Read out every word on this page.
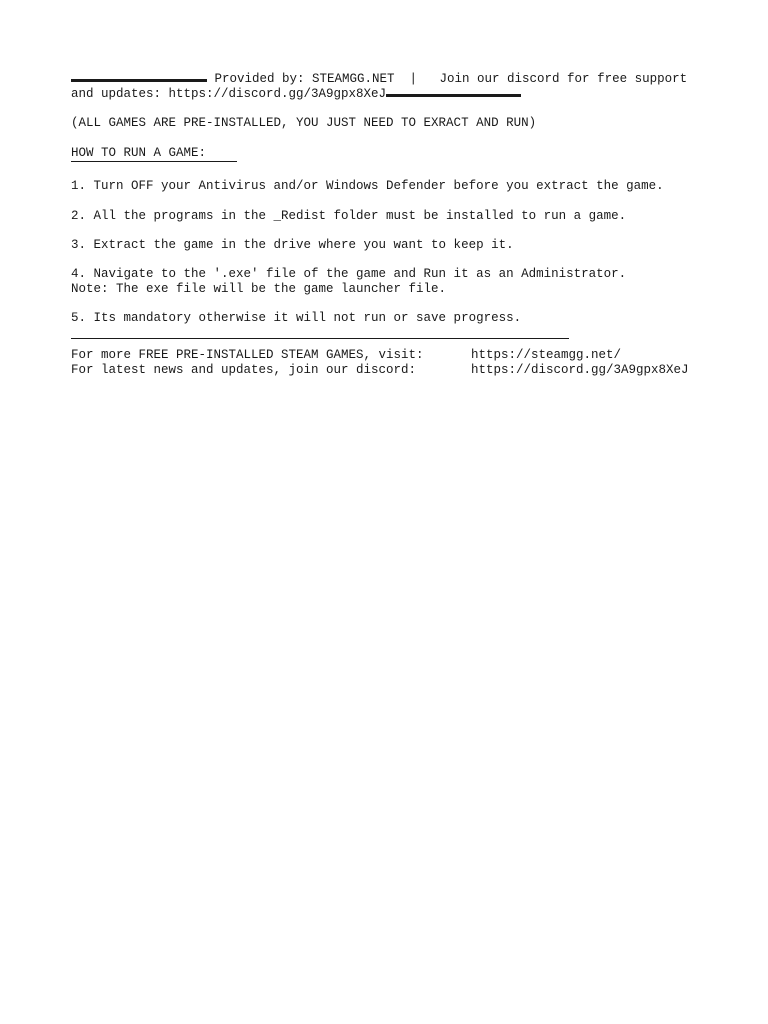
Provided by: STEAMGG.NET  |   Join our discord for free support
and updates: https://discord.gg/3A9gpx8XeJ
(ALL GAMES ARE PRE-INSTALLED, YOU JUST NEED TO EXRACT AND RUN)
HOW TO RUN A GAME:
1. Turn OFF your Antivirus and/or Windows Defender before you extract the game.
2. All the programs in the _Redist folder must be installed to run a game.
3. Extract the game in the drive where you want to keep it.
4. Navigate to the '.exe' file of the game and Run it as an Administrator.
Note: The exe file will be the game launcher file.
5. Its mandatory otherwise it will not run or save progress.
For more FREE PRE-INSTALLED STEAM GAMES, visit:	https://steamgg.net/
For latest news and updates, join our discord:	https://discord.gg/3A9gpx8XeJ
